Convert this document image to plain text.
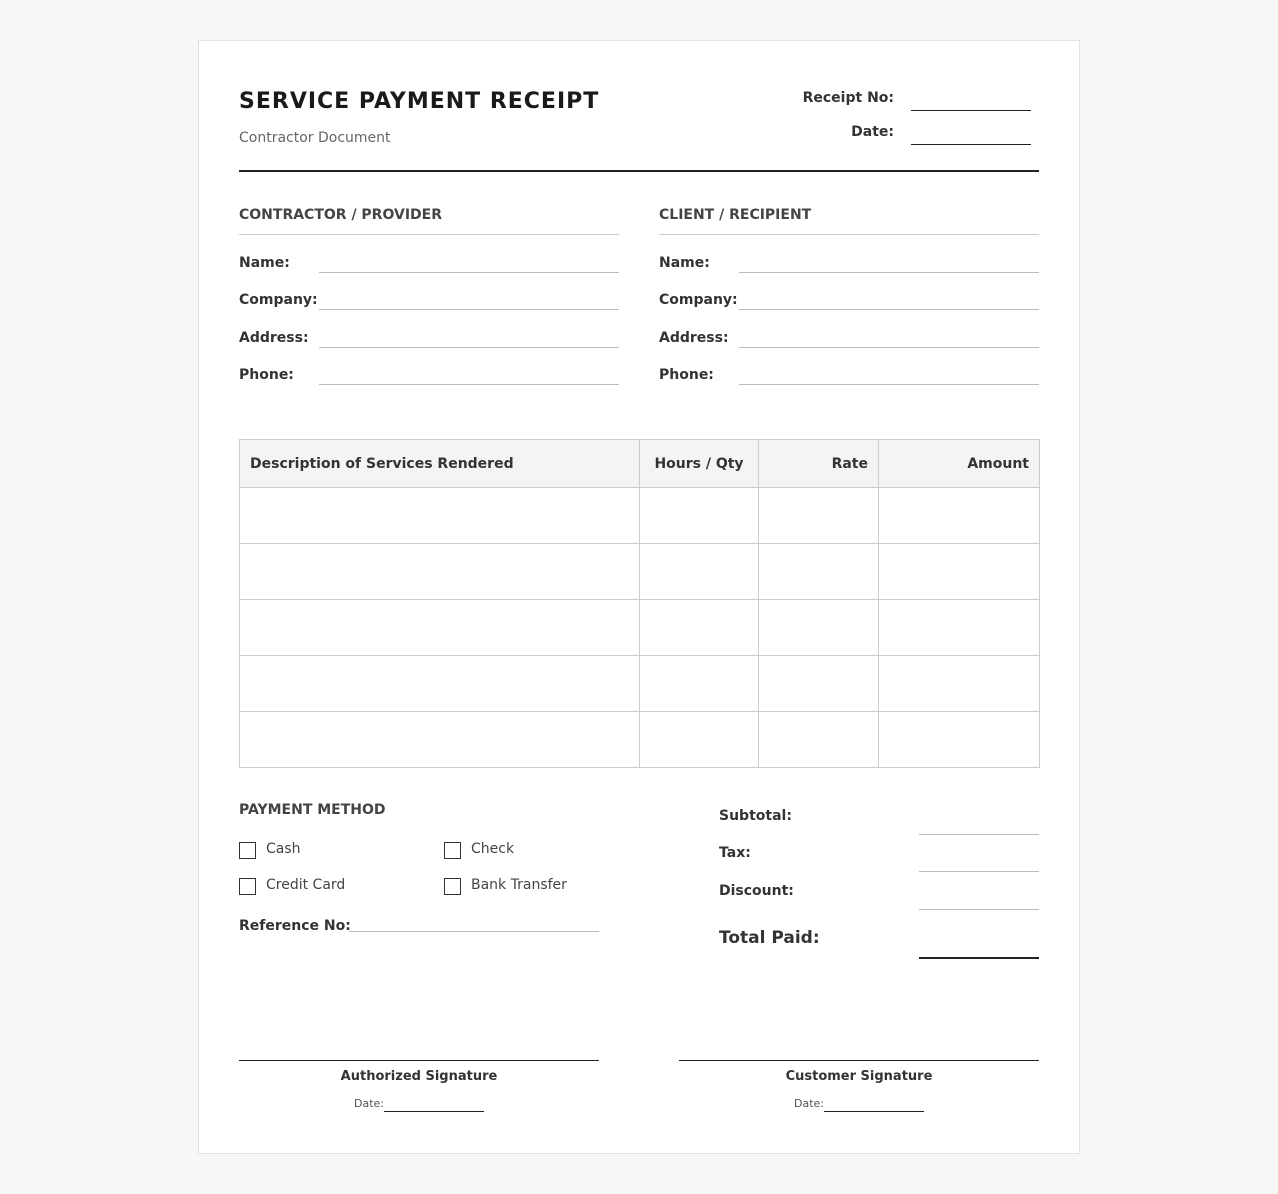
SERVICE PAYMENT RECEIPT
Contractor Document
Receipt No:
Date:
CONTRACTOR / PROVIDER
Name:
Company:
Address:
Phone:
CLIENT / RECIPIENT
Name:
Company:
Address:
Phone:
Description of Services Rendered	Hours / Qty	Rate	Amount

PAYMENT METHOD
Cash	Check
Credit Card	Bank Transfer
Reference No:
Subtotal:
Tax:
Discount:
Total Paid:
Authorized Signature
Date:
Customer Signature
Date:
